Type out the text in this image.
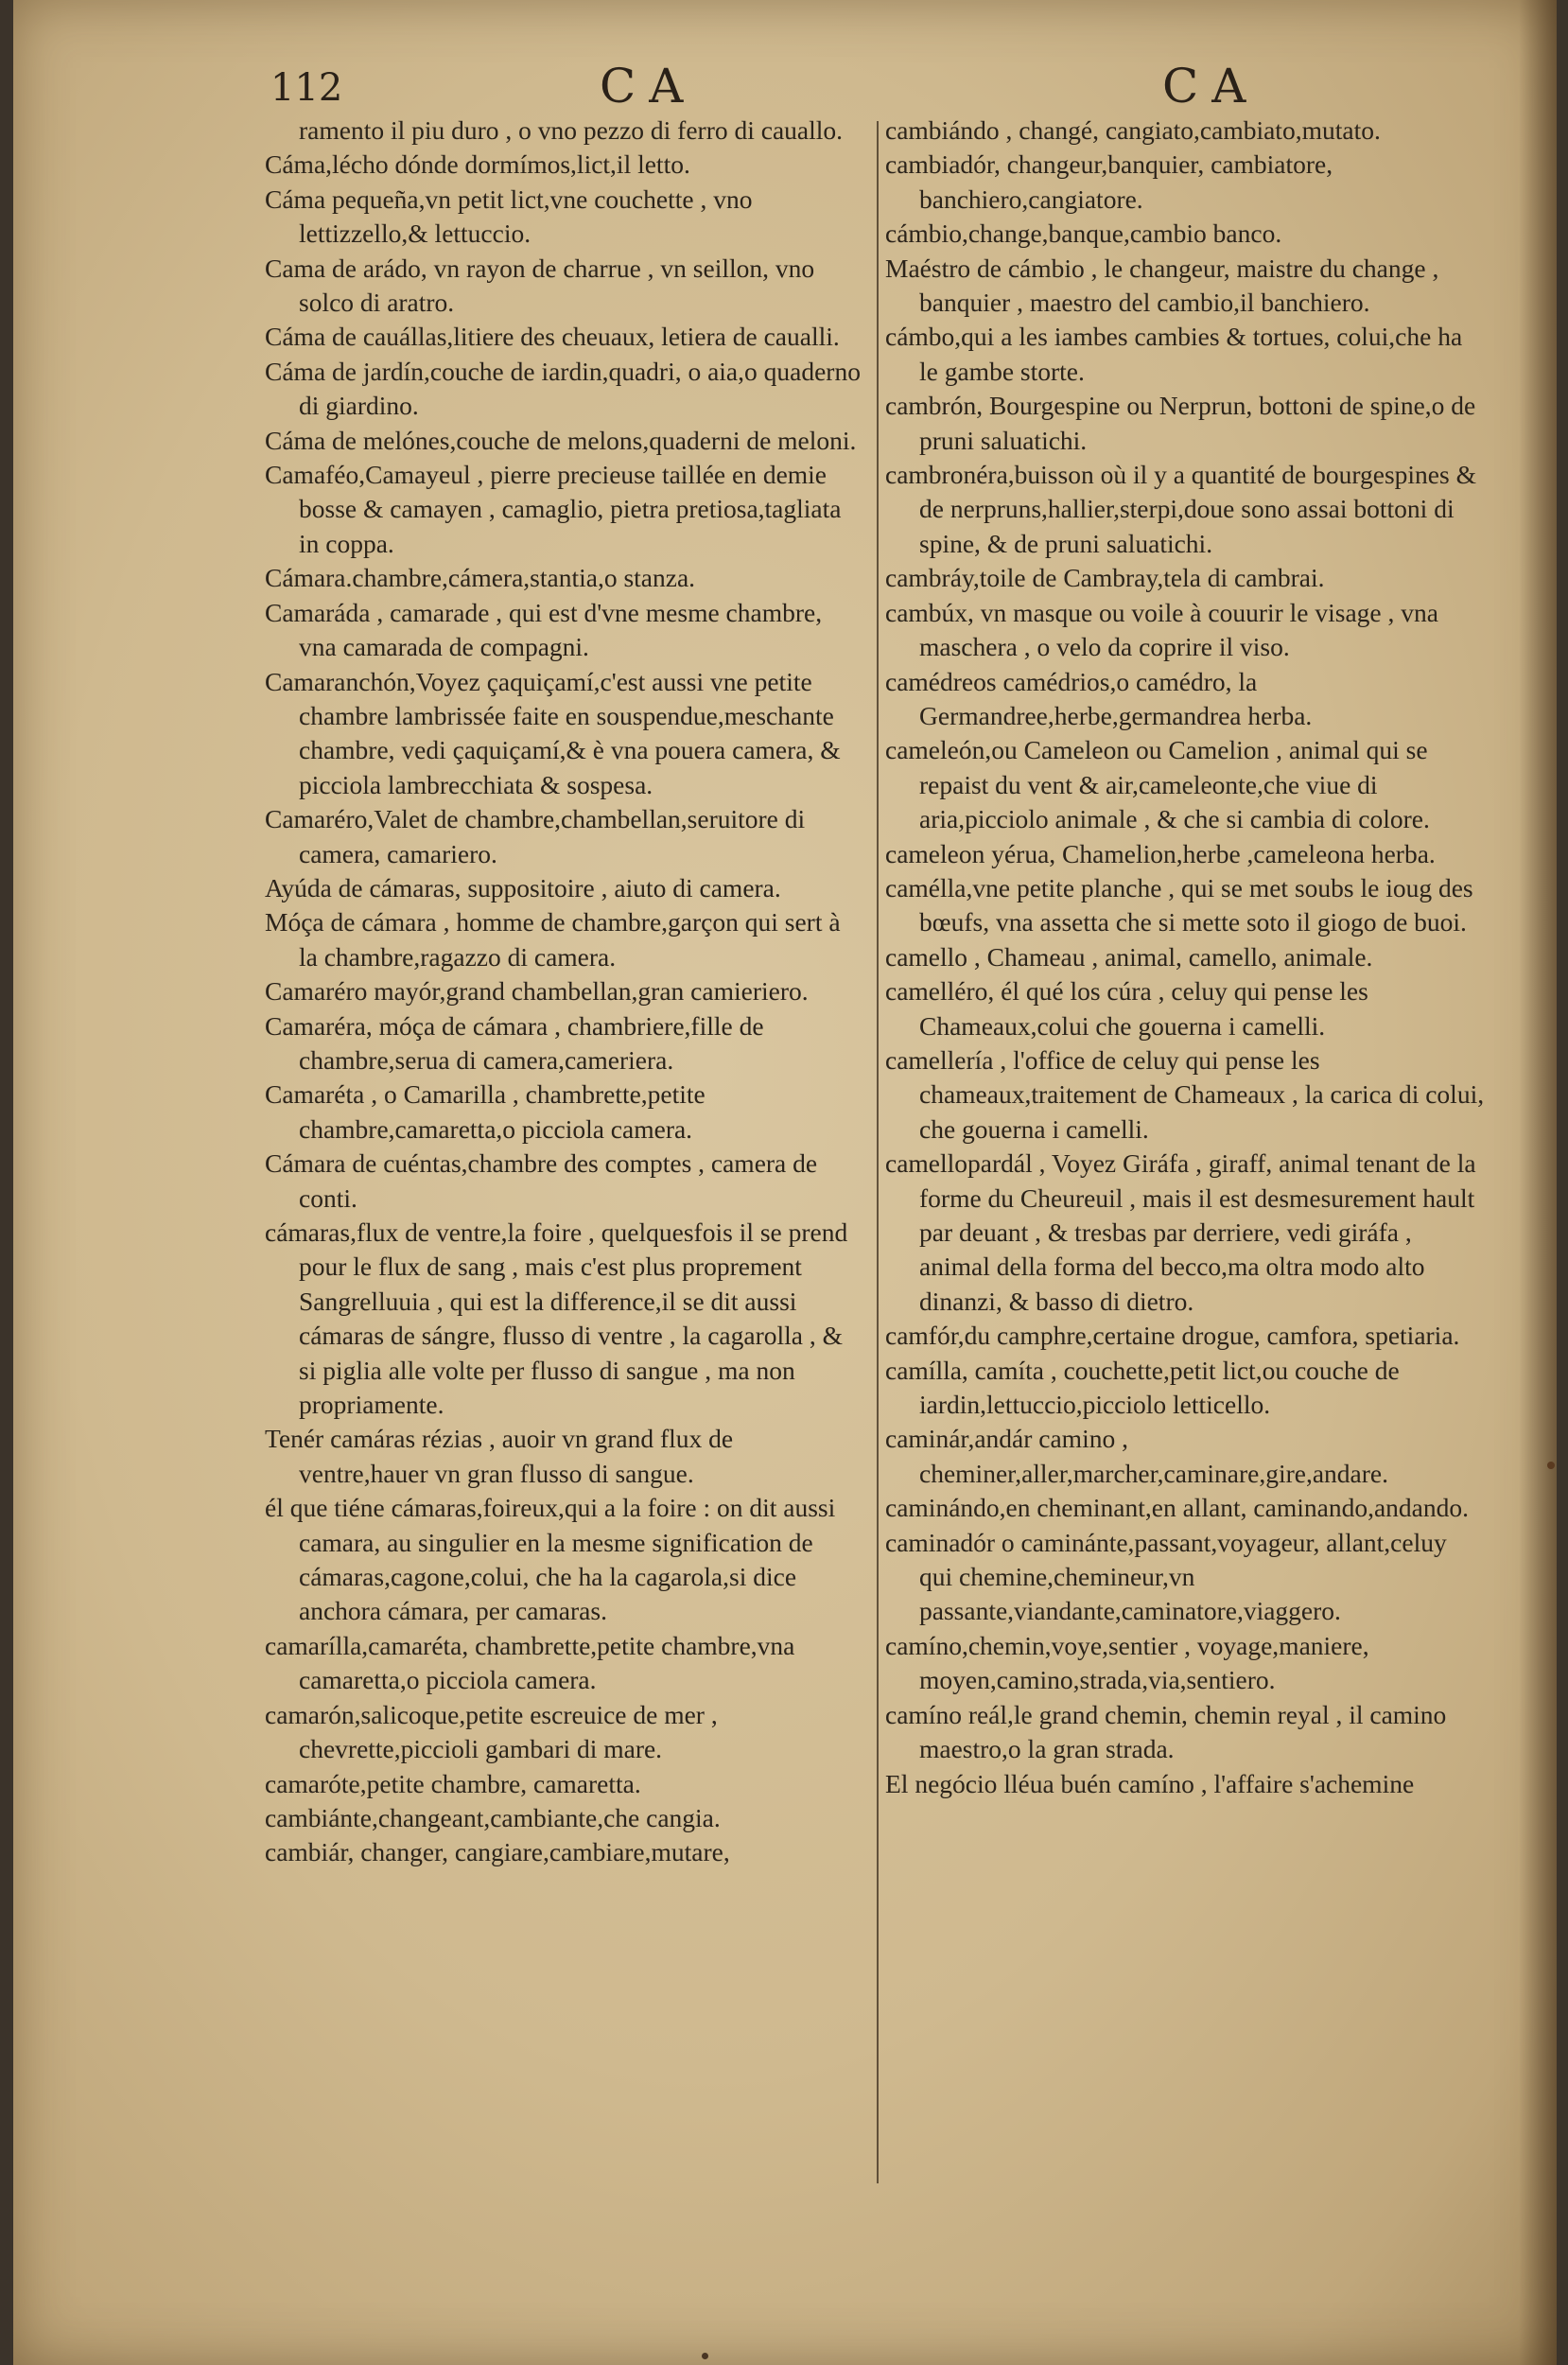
112	CA	CA

ramento il piu duro , o vno pezzo di ferro di cauallo.

Cáma,lécho dónde dormímos,lict,il letto.

Cáma pequeña,vn petit lict,vne couchette , vno lettizzello,& lettuccio.

Cama de arádo, vn rayon de charrue , vn seillon, vno solco di aratro.

Cáma de cauállas,litiere des cheuaux, letiera de caualli.

Cáma de jardín,couche de iardin,quadri, o aia,o quaderno di giardino.

Cáma de melónes,couche de melons,quaderni de meloni.

Camaféo,Camayeul , pierre precieuse taillée en demie bosse & camayen , camaglio, pietra pretiosa,tagliata in coppa.

Cámara.chambre,cámera,stantia,o stanza.

Camaráda , camarade , qui est d'vne mesme chambre, vna camarada de compagni.

Camaranchón,Voyez çaquiçamí,c'est aussi vne petite chambre lambrissée faite en souspendue,meschante chambre, vedi çaquiçamí,& è vna pouera camera, & picciola lambrecchiata & sospesa.

Camaréro,Valet de chambre,chambellan,seruitore di camera, camariero.

Ayúda de cámaras, suppositoire , aiuto di camera.

Móça de cámara , homme de chambre,garçon qui sert à la chambre,ragazzo di camera.

Camaréro mayór,grand chambellan,gran camieriero.

Camaréra, móça de cámara , chambriere,fille de chambre,serua di camera,cameriera.

Camaréta , o Camarilla , chambrette,petite chambre,camaretta,o picciola camera.

Cámara de cuéntas,chambre des comptes , camera de conti.

cámaras,flux de ventre,la foire , quelquesfois il se prend pour le flux de sang , mais c'est plus proprement Sangrelluuia , qui est la difference,il se dit aussi cámaras de sángre, flusso di ventre , la cagarolla , & si piglia alle volte per flusso di sangue , ma non propriamente.

Tenér camáras rézias , auoir vn grand flux de ventre,hauer vn gran flusso di sangue.

él que tiéne cámaras,foireux,qui a la foire : on dit aussi camara, au singulier en la mesme signification de cámaras,cagone,colui, che ha la cagarola,si dice anchora cámara, per camaras.

camarílla,camaréta, chambrette,petite chambre,vna camaretta,o picciola camera.

camarón,salicoque,petite escreuice de mer , chevrette,piccioli gambari di mare.

camaróte,petite chambre, camaretta.

cambiánte,changeant,cambiante,che cangia.

cambiár, changer, cangiare,cambiare,mutare,

cambiándo , changé, cangiato,cambiato,mutato.

cambiadór, changeur,banquier, cambiatore, banchiero,cangiatore.

cámbio,change,banque,cambio banco.

Maéstro de cámbio , le changeur, maistre du change , banquier , maestro del cambio,il banchiero.

cámbo,qui a les iambes cambies & tortues, colui,che ha le gambe storte.

cambrón, Bourgespine ou Nerprun, bottoni de spine,o de pruni saluatichi.

cambronéra,buisson où il y a quantité de bourgespines & de nerpruns,hallier,sterpi,doue sono assai bottoni di spine, & de pruni saluatichi.

cambráy,toile de Cambray,tela di cambrai.

cambúx, vn masque ou voile à couurir le visage , vna maschera , o velo da coprire il viso.

camédreos camédrios,o camédro, la Germandree,herbe,germandrea herba.

cameleón,ou Cameleon ou Camelion , animal qui se repaist du vent & air,cameleonte,che viue di aria,picciolo animale , & che si cambia di colore.

cameleon yérua, Chamelion,herbe ,cameleona herba.

camélla,vne petite planche , qui se met soubs le ioug des bœufs, vna assetta che si mette soto il giogo de buoi.

camello , Chameau , animal, camello, animale.

camelléro, él qué los cúra , celuy qui pense les Chameaux,colui che gouerna i camelli.

camellería , l'office de celuy qui pense les chameaux,traitement de Chameaux , la carica di colui, che gouerna i camelli.

camellopardál , Voyez Giráfa , giraff, animal tenant de la forme du Cheureuil , mais il est desmesurement hault par deuant , & tresbas par derriere, vedi giráfa , animal della forma del becco,ma oltra modo alto dinanzi, & basso di dietro.

camfór,du camphre,certaine drogue, camfora, spetiaria.

camílla, camíta , couchette,petit lict,ou couche de iardin,lettuccio,picciolo letticello.

caminár,andár camino , cheminer,aller,marcher,caminare,gire,andare.

caminándo,en cheminant,en allant, caminando,andando.

caminadór o caminánte,passant,voyageur, allant,celuy qui chemine,chemineur,vn passante,viandante,caminatore,viaggero.

camíno,chemin,voye,sentier , voyage,maniere, moyen,camino,strada,via,sentiero.

camíno reál,le grand chemin, chemin reyal , il camino maestro,o la gran strada.

El negócio lléua buén camíno , l'affaire s'achemine
